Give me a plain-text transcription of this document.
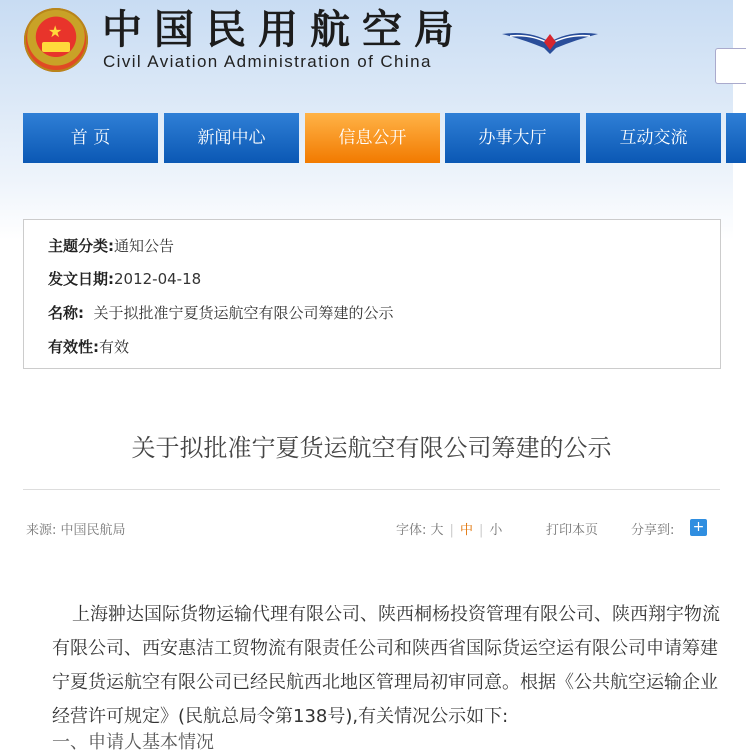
★ 中国民用航空局
Civil Aviation Administration of China
首 页	新闻中心	信息公开	办事大厅	互动交流
主题分类:通知公告
发文日期:2012-04-18
名称: 关于拟批准宁夏货运航空有限公司筹建的公示
有效性:有效
关于拟批准宁夏货运航空有限公司筹建的公示
来源: 中国民航局	字体: 大 | 中 | 小	打印本页	分享到: +
上海翀达国际货物运输代理有限公司、陕西桐杨投资管理有限公司、陕西翔宇物流有限公司、西安惠洁工贸物流有限责任公司和陕西省国际货运空运有限公司申请筹建宁夏货运航空有限公司已经民航西北地区管理局初审同意。根据《公共航空运输企业经营许可规定》(民航总局令第138号),有关情况公示如下:
一、申请人基本情况
